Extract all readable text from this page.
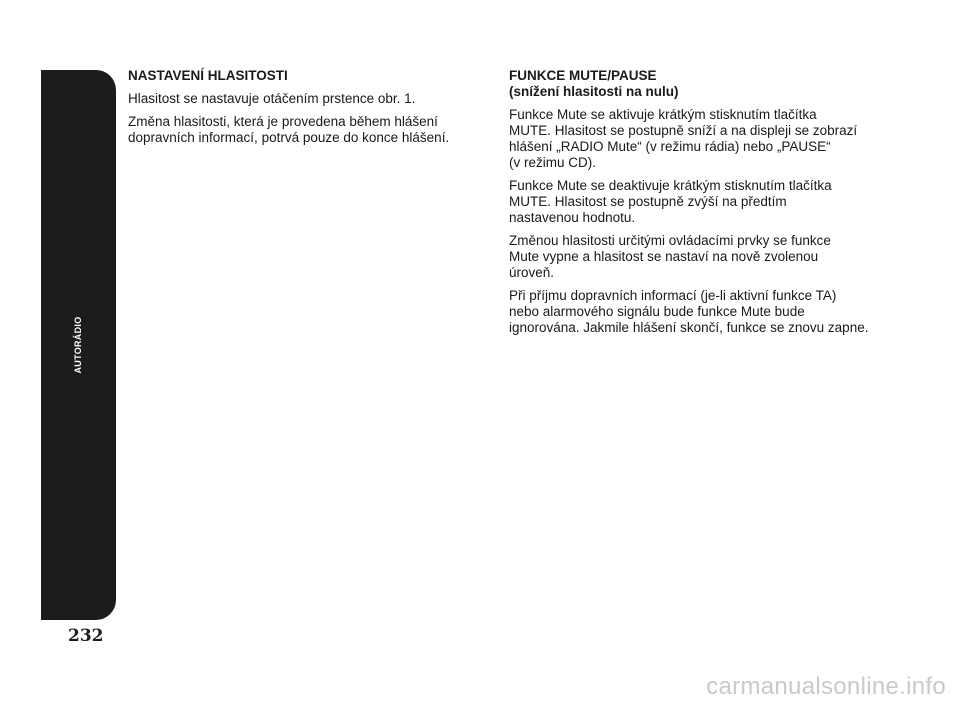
AUTORÁDIO
232

NASTAVENÍ HLASITOSTI

Hlasitost se nastavuje otáčením prstence obr. 1.

Změna hlasitosti, která je provedena během hlášení
dopravních informací, potrvá pouze do konce hlášení.

FUNKCE MUTE/PAUSE

(snížení hlasitosti na nulu)

Funkce Mute se aktivuje krátkým stisknutím tlačítka
MUTE. Hlasitost se postupně sníží a na displeji se zobrazí
hlášení „RADIO Mute“ (v režimu rádia) nebo „PAUSE“
(v režimu CD).

Funkce Mute se deaktivuje krátkým stisknutím tlačítka
MUTE. Hlasitost se postupně zvýší na předtím
nastavenou hodnotu.

Změnou hlasitosti určitými ovládacími prvky se funkce
Mute vypne a hlasitost se nastaví na nově zvolenou
úroveň.

Při příjmu dopravních informací (je-li aktivní funkce TA)
nebo alarmového signálu bude funkce Mute bude
ignorována. Jakmile hlášení skončí, funkce se znovu zapne.

carmanualsonline.info
